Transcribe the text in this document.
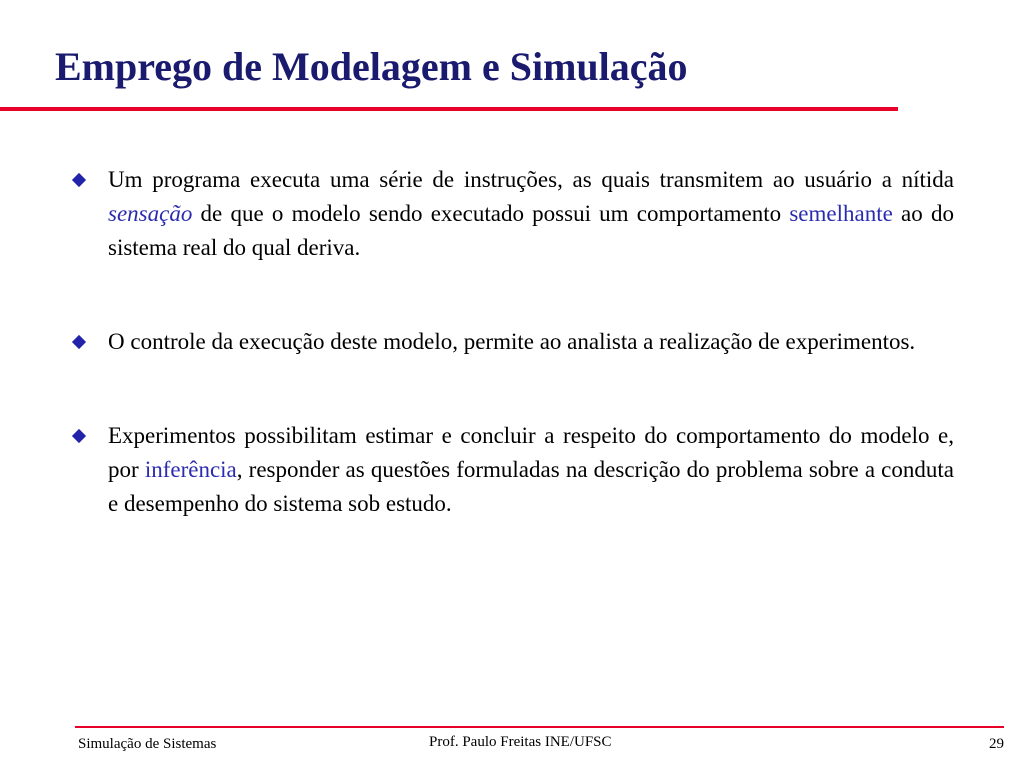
Emprego de Modelagem e Simulação
Um programa executa uma série de instruções, as quais transmitem ao usuário a nítida sensação de que o modelo sendo executado possui um comportamento semelhante ao do sistema real do qual deriva.
O controle da execução deste modelo, permite ao analista a realização de experimentos.
Experimentos possibilitam estimar e concluir a respeito do comportamento do modelo e, por inferência, responder as questões formuladas na descrição do problema sobre a conduta e desempenho do sistema sob estudo.
Simulação de Sistemas	Prof. Paulo Freitas INE/UFSC	29
